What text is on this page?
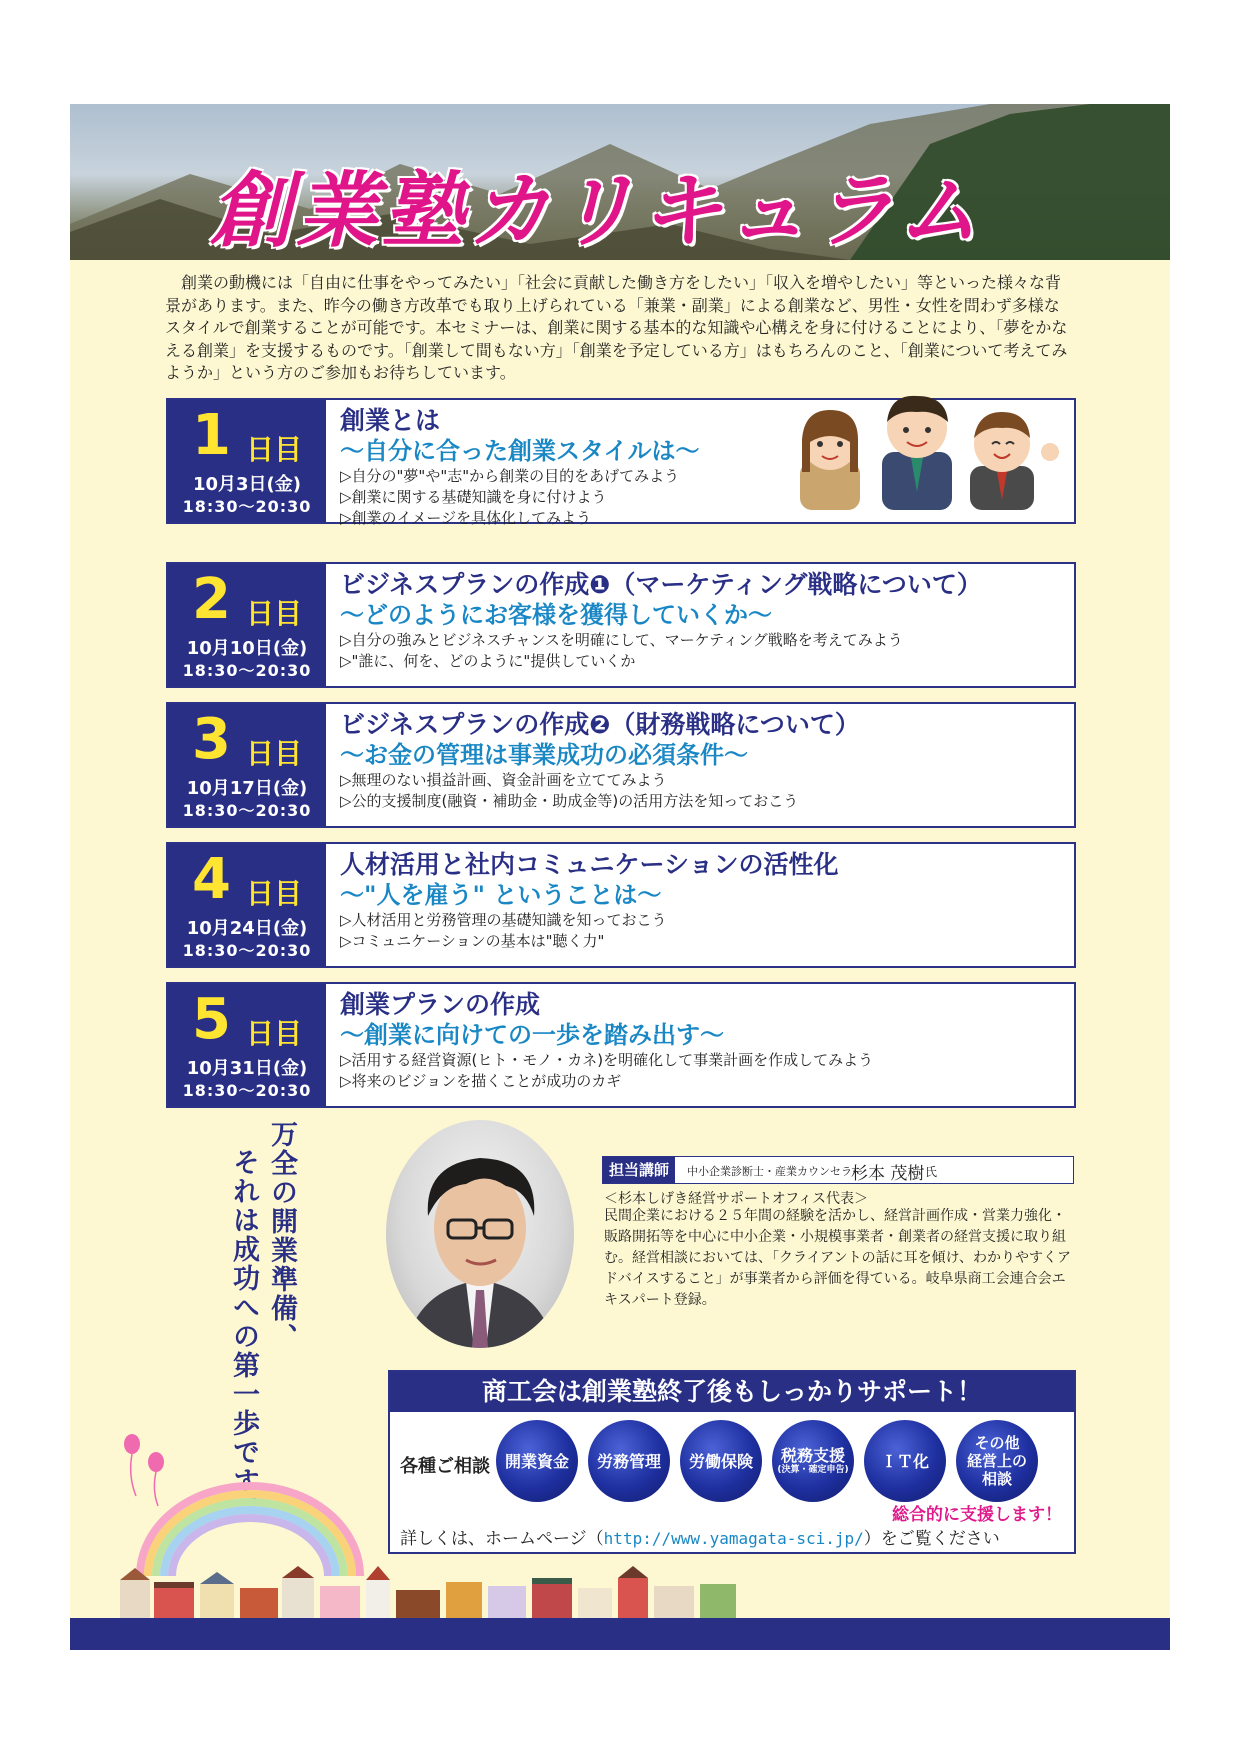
創業塾カリキュラム
創業の動機には「自由に仕事をやってみたい」「社会に貢献した働き方をしたい」「収入を増やしたい」等といった様々な背景があります。また、昨今の働き方改革でも取り上げられている「兼業・副業」による創業など、男性・女性を問わず多様なスタイルで創業することが可能です。本セミナーは、創業に関する基本的な知識や心構えを身に付けることにより、「夢をかなえる創業」を支援するものです。「創業して間もない方」「創業を予定している方」はもちろんのこと、「創業について考えてみようか」という方のご参加もお待ちしています。
1 日目
10月3日(金)
18:30〜20:30
創業とは
〜自分に合った創業スタイルは〜
▷自分の"夢"や"志"から創業の目的をあげてみよう
▷創業に関する基礎知識を身に付けよう
▷創業のイメージを具体化してみよう
2 日目
10月10日(金)
18:30〜20:30
ビジネスプランの作成❶（マーケティング戦略について）
〜どのようにお客様を獲得していくか〜
▷自分の強みとビジネスチャンスを明確にして、マーケティング戦略を考えてみよう
▷"誰に、何を、どのように"提供していくか
3 日目
10月17日(金)
18:30〜20:30
ビジネスプランの作成❷（財務戦略について）
〜お金の管理は事業成功の必須条件〜
▷無理のない損益計画、資金計画を立ててみよう
▷公的支援制度(融資・補助金・助成金等)の活用方法を知っておこう
4 日目
10月24日(金)
18:30〜20:30
人材活用と社内コミュニケーションの活性化
〜"人を雇う" ということは〜
▷人材活用と労務管理の基礎知識を知っておこう
▷コミュニケーションの基本は"聴く力"
5 日目
10月31日(金)
18:30〜20:30
創業プランの作成
〜創業に向けての一歩を踏み出す〜
▷活用する経営資源(ヒト・モノ・カネ)を明確化して事業計画を作成してみよう
▷将来のビジョンを描くことが成功のカギ
万全の開業準備、
それは成功への第一歩です。	担当講師	中小企業診断士・産業カウンセラー
杉本 茂樹 氏
＜杉本しげき経営サポートオフィス代表＞
民間企業における２５年間の経験を活かし、経営計画作成・営業力強化・販路開拓等を中心に中小企業・小規模事業者・創業者の経営支援に取り組む。経営相談においては、「クライアントの話に耳を傾け、わかりやすくアドバイスすること」が事業者から評価を得ている。岐阜県商工会連合会エキスパート登録。
商工会は創業塾終了後もしっかりサポート！
各種ご相談 開業資金 労務管理 労働保険 税務支援
(決算・確定申告) ＩＴ化
その他
経営上の
相談
総合的に支援します！
詳しくは、ホームページ（http://www.yamagata-sci.jp/）をご覧ください
